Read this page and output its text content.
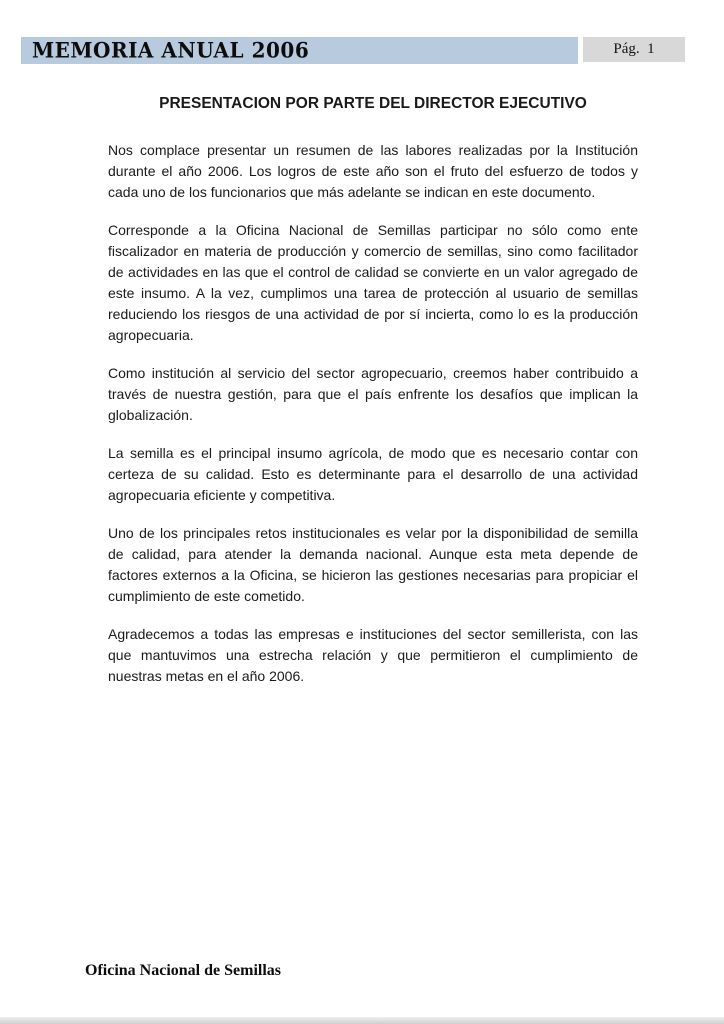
MEMORIA ANUAL 2006	Pág.  1
PRESENTACION POR PARTE DEL DIRECTOR EJECUTIVO

Nos complace presentar un resumen de las labores realizadas por la Institución durante el año 2006. Los logros de este año son el fruto del esfuerzo de todos y cada uno de los funcionarios que más adelante se indican en este documento.

Corresponde a la Oficina Nacional de Semillas participar no sólo como ente fiscalizador en materia de producción y comercio de semillas, sino como facilitador de actividades en las que el control de calidad se convierte en un valor agregado de este insumo. A la vez, cumplimos una tarea de protección al usuario de semillas reduciendo los riesgos de una actividad de por sí incierta, como lo es la producción agropecuaria.

Como institución al servicio del sector agropecuario, creemos haber contribuido a través de nuestra gestión, para que el país enfrente los desafíos que implican la globalización.

La semilla es el principal insumo agrícola, de modo que es necesario contar con certeza de su calidad. Esto es determinante para el desarrollo de una actividad agropecuaria eficiente y competitiva.

Uno de los principales retos institucionales es velar por la disponibilidad de semilla de calidad, para atender la demanda nacional. Aunque esta meta depende de factores externos a la Oficina, se hicieron las gestiones necesarias para propiciar el cumplimiento de este cometido.

Agradecemos a todas las empresas e instituciones del sector semillerista, con las que mantuvimos una estrecha relación y que permitieron el cumplimiento de nuestras metas en el año 2006.

Oficina Nacional de Semillas
